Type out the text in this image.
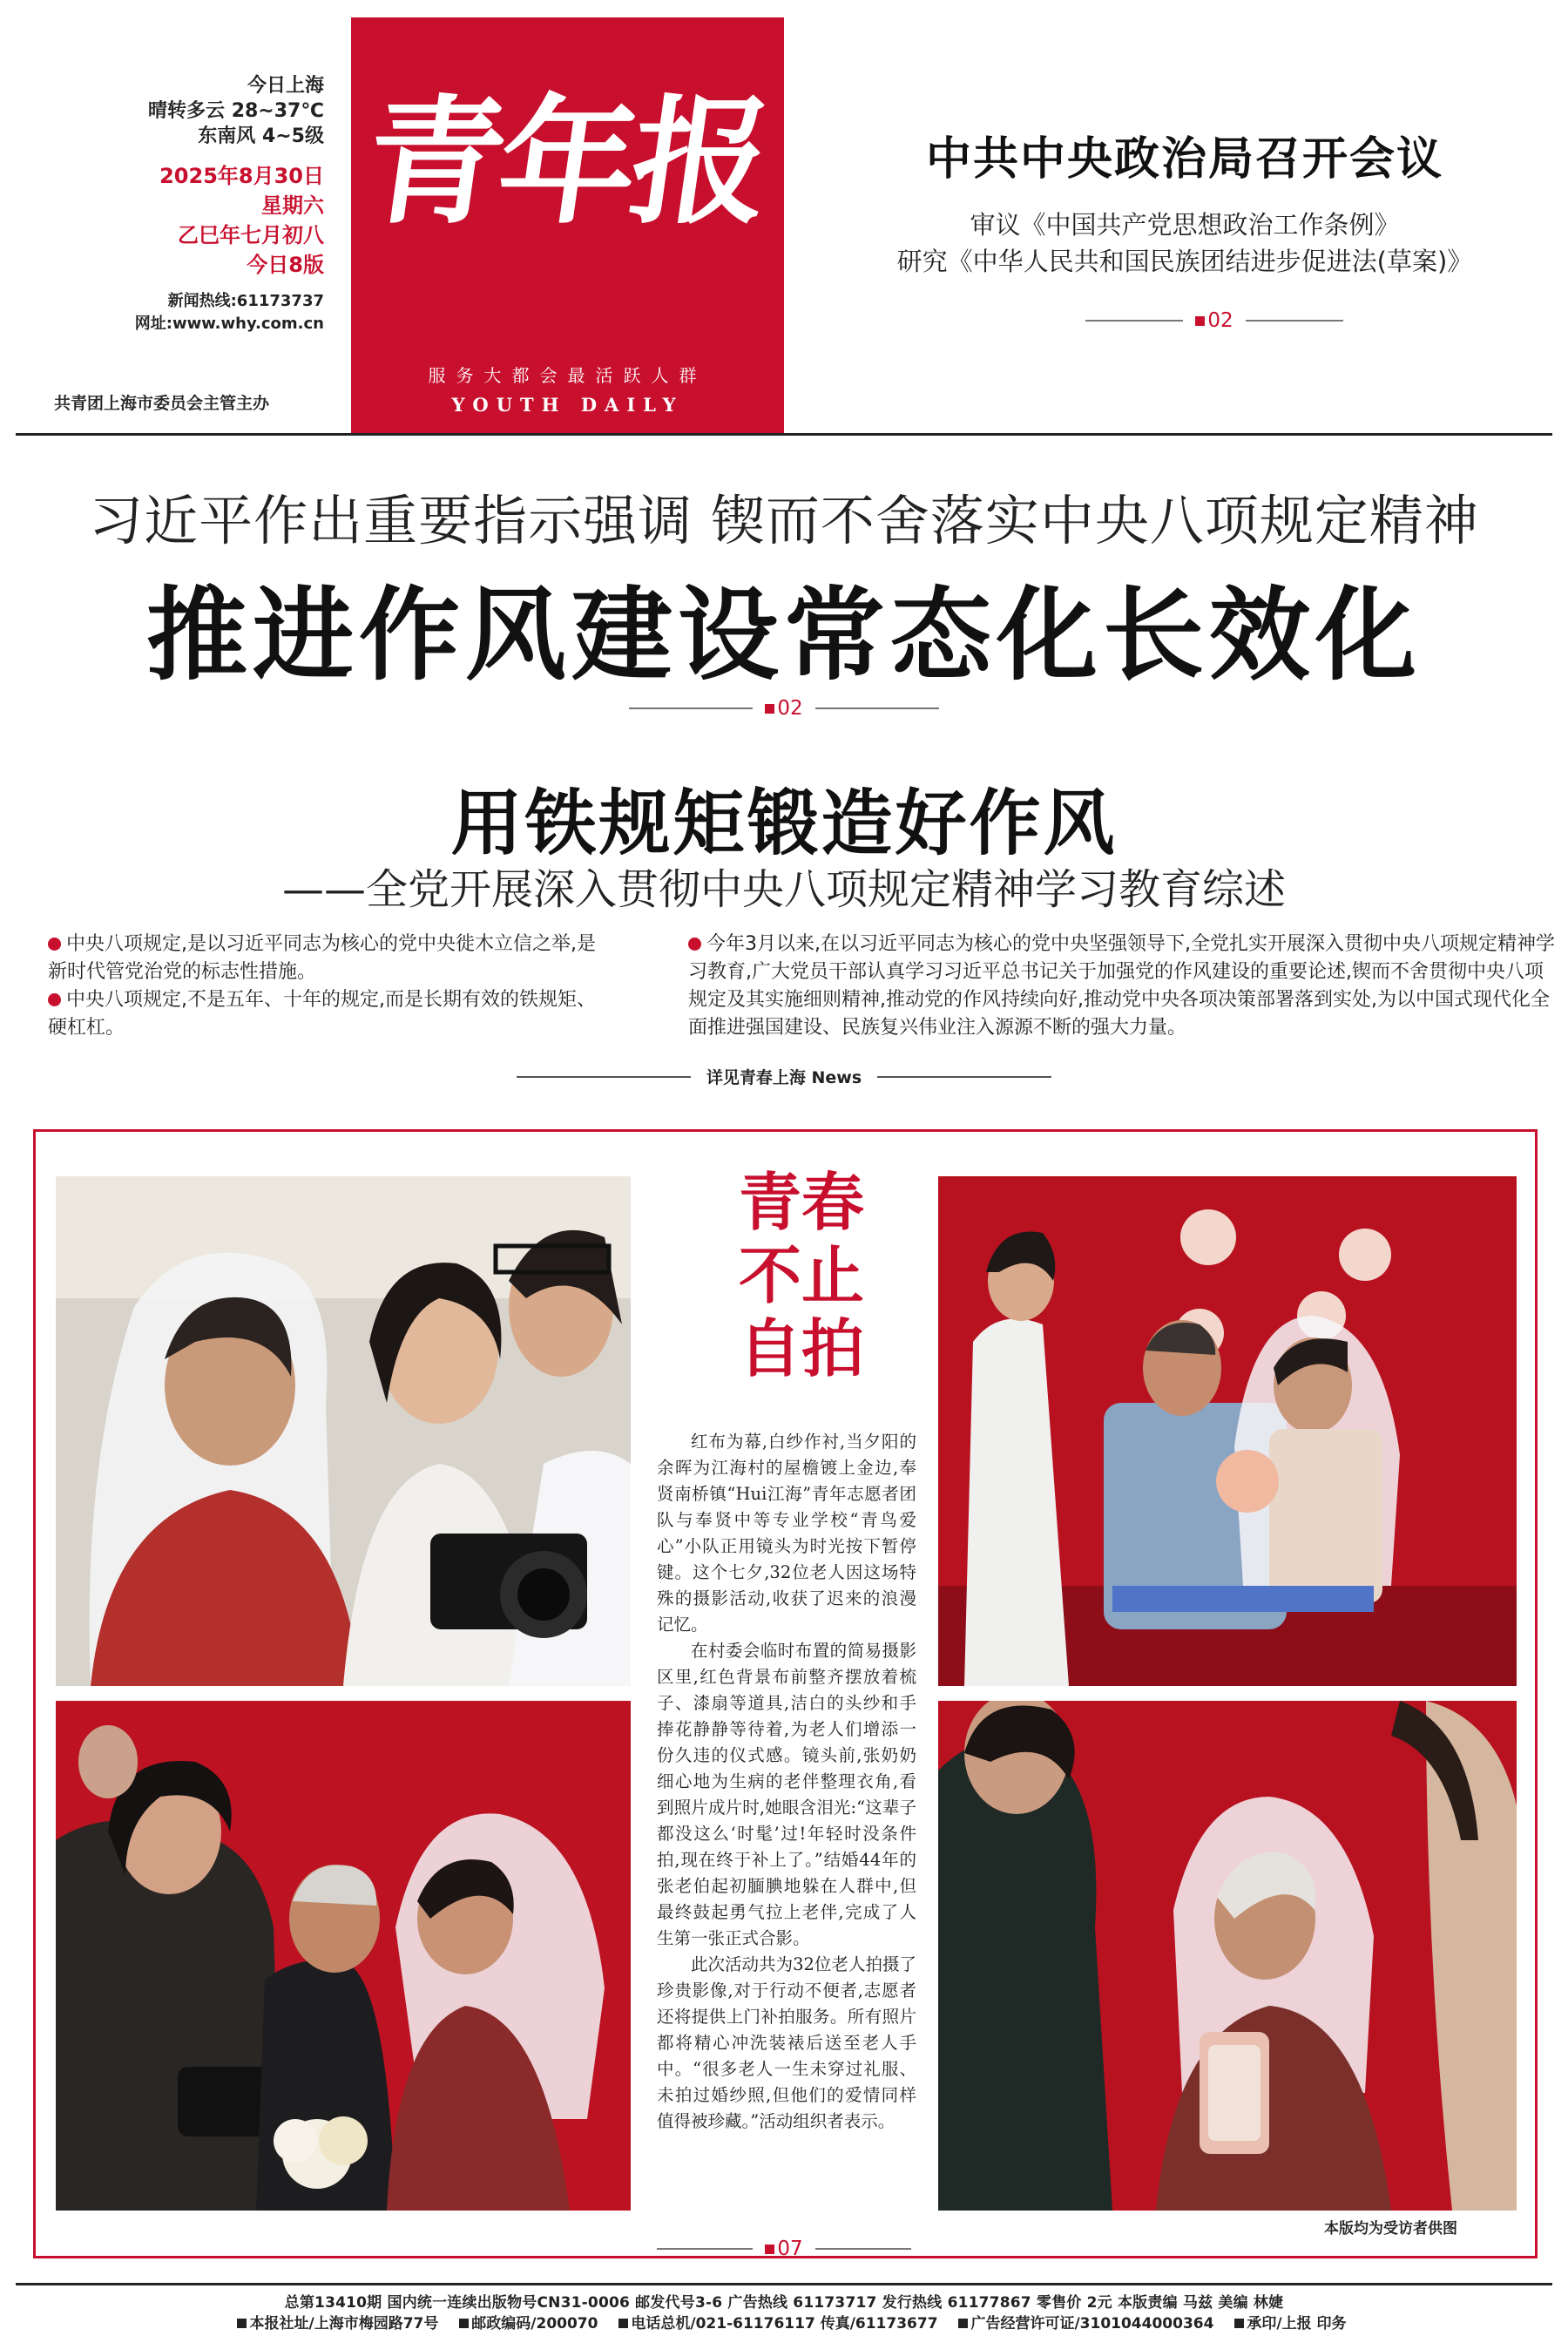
今日上海
晴转多云 28~37℃
东南风 4~5级
2025年8月30日
星期六
乙巳年七月初八
今日8版
新闻热线:61173737
网址:www.why.com.cn
共青团上海市委员会主管主办
青年报
服务大都会最活跃人群
YOUTH DAILY
中共中央政治局召开会议
审议《中国共产党思想政治工作条例》
研究《中华人民共和国民族团结进步促进法(草案)》
02
习近平作出重要指示强调 锲而不舍落实中央八项规定精神
推进作风建设常态化长效化
02
用铁规矩锻造好作风
——全党开展深入贯彻中央八项规定精神学习教育综述

中央八项规定,是以习近平同志为核心的党中央徙木立信之举,是新时代管党治党的标志性措施。

中央八项规定,不是五年、十年的规定,而是长期有效的铁规矩、硬杠杠。

今年3月以来,在以习近平同志为核心的党中央坚强领导下,全党扎实开展深入贯彻中央八项规定精神学习教育,广大党员干部认真学习习近平总书记关于加强党的作风建设的重要论述,锲而不舍贯彻中央八项规定及其实施细则精神,推动党的作风持续向好,推动党中央各项决策部署落到实处,为以中国式现代化全面推进强国建设、民族复兴伟业注入源源不断的强大力量。

详见青春上海 News
青春
不止
自拍

红布为幕,白纱作衬,当夕阳的余晖为江海村的屋檐镀上金边,奉贤南桥镇“Hui江海”青年志愿者团队与奉贤中等专业学校“青鸟爱心”小队正用镜头为时光按下暂停键。这个七夕,32位老人因这场特殊的摄影活动,收获了迟来的浪漫记忆。

在村委会临时布置的简易摄影区里,红色背景布前整齐摆放着梳子、漆扇等道具,洁白的头纱和手捧花静静等待着,为老人们增添一份久违的仪式感。镜头前,张奶奶细心地为生病的老伴整理衣角,看到照片成片时,她眼含泪光:“这辈子都没这么‘时髦’过!年轻时没条件拍,现在终于补上了。”结婚44年的张老伯起初腼腆地躲在人群中,但最终鼓起勇气拉上老伴,完成了人生第一张正式合影。

此次活动共为32位老人拍摄了珍贵影像,对于行动不便者,志愿者还将提供上门补拍服务。所有照片都将精心冲洗装裱后送至老人手中。“很多老人一生未穿过礼服、未拍过婚纱照,但他们的爱情同样值得被珍藏。”活动组织者表示。

本版均为受访者供图
07
总第13410期 国内统一连续出版物号CN31-0006 邮发代号3-6 广告热线 61173717 发行热线 61177867 零售价 2元 本版责编 马兹 美编 林婕
本报社址/上海市梅园路77号 邮政编码/200070 电话总机/021-61176117 传真/61173677 广告经营许可证/3101044000364 承印/上报 印务
